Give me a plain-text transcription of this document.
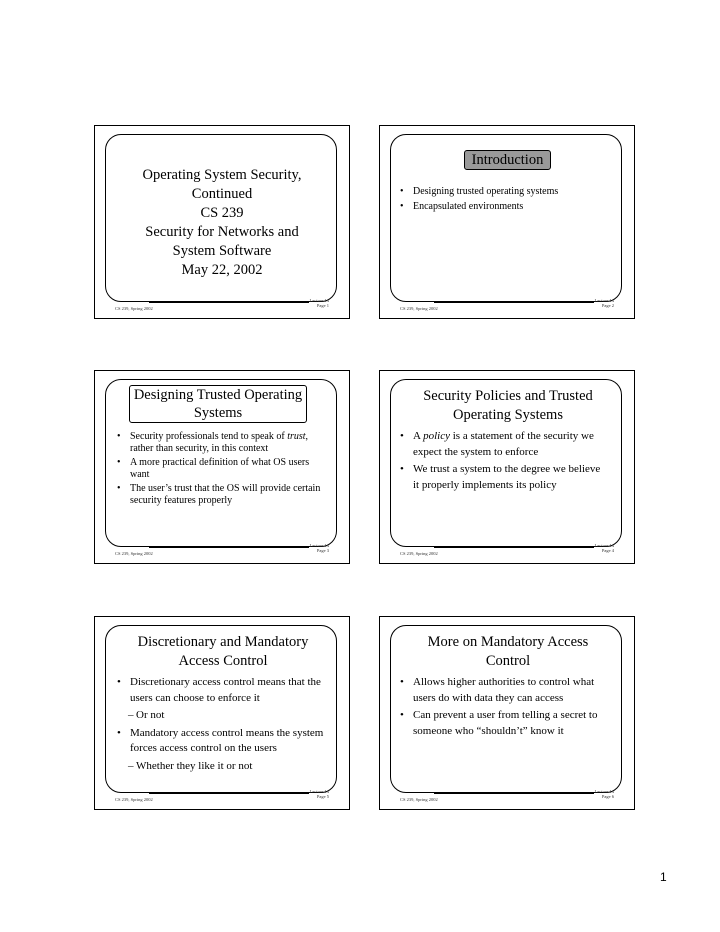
Operating System Security,
Continued
CS 239
Security for Networks and
System Software
May 22, 2002
CS 239, Spring 2002
Lecture 14
Page 1
Introduction
• Designing trusted operating systems
• Encapsulated environments
CS 239, Spring 2002
Lecture 14
Page 2
Designing Trusted Operating Systems
• Security professionals tend to speak of trust, rather than security, in this context
• A more practical definition of what OS users want
• The user’s trust that the OS will provide certain security features properly
CS 239, Spring 2002
Lecture 14
Page 3
Security Policies and Trusted Operating Systems
• A policy is a statement of the security we expect the system to enforce
• We trust a system to the degree we believe it properly implements its policy
CS 239, Spring 2002
Lecture 14
Page 4
Discretionary and Mandatory Access Control
• Discretionary access control means that the users can choose to enforce it
– Or not
• Mandatory access control means the system forces access control on the users
– Whether they like it or not
CS 239, Spring 2002
Lecture 14
Page 5
More on Mandatory Access Control
• Allows higher authorities to control what users do with data they can access
• Can prevent a user from telling a secret to someone who “shouldn’t” know it
CS 239, Spring 2002
Lecture 14
Page 6
1
